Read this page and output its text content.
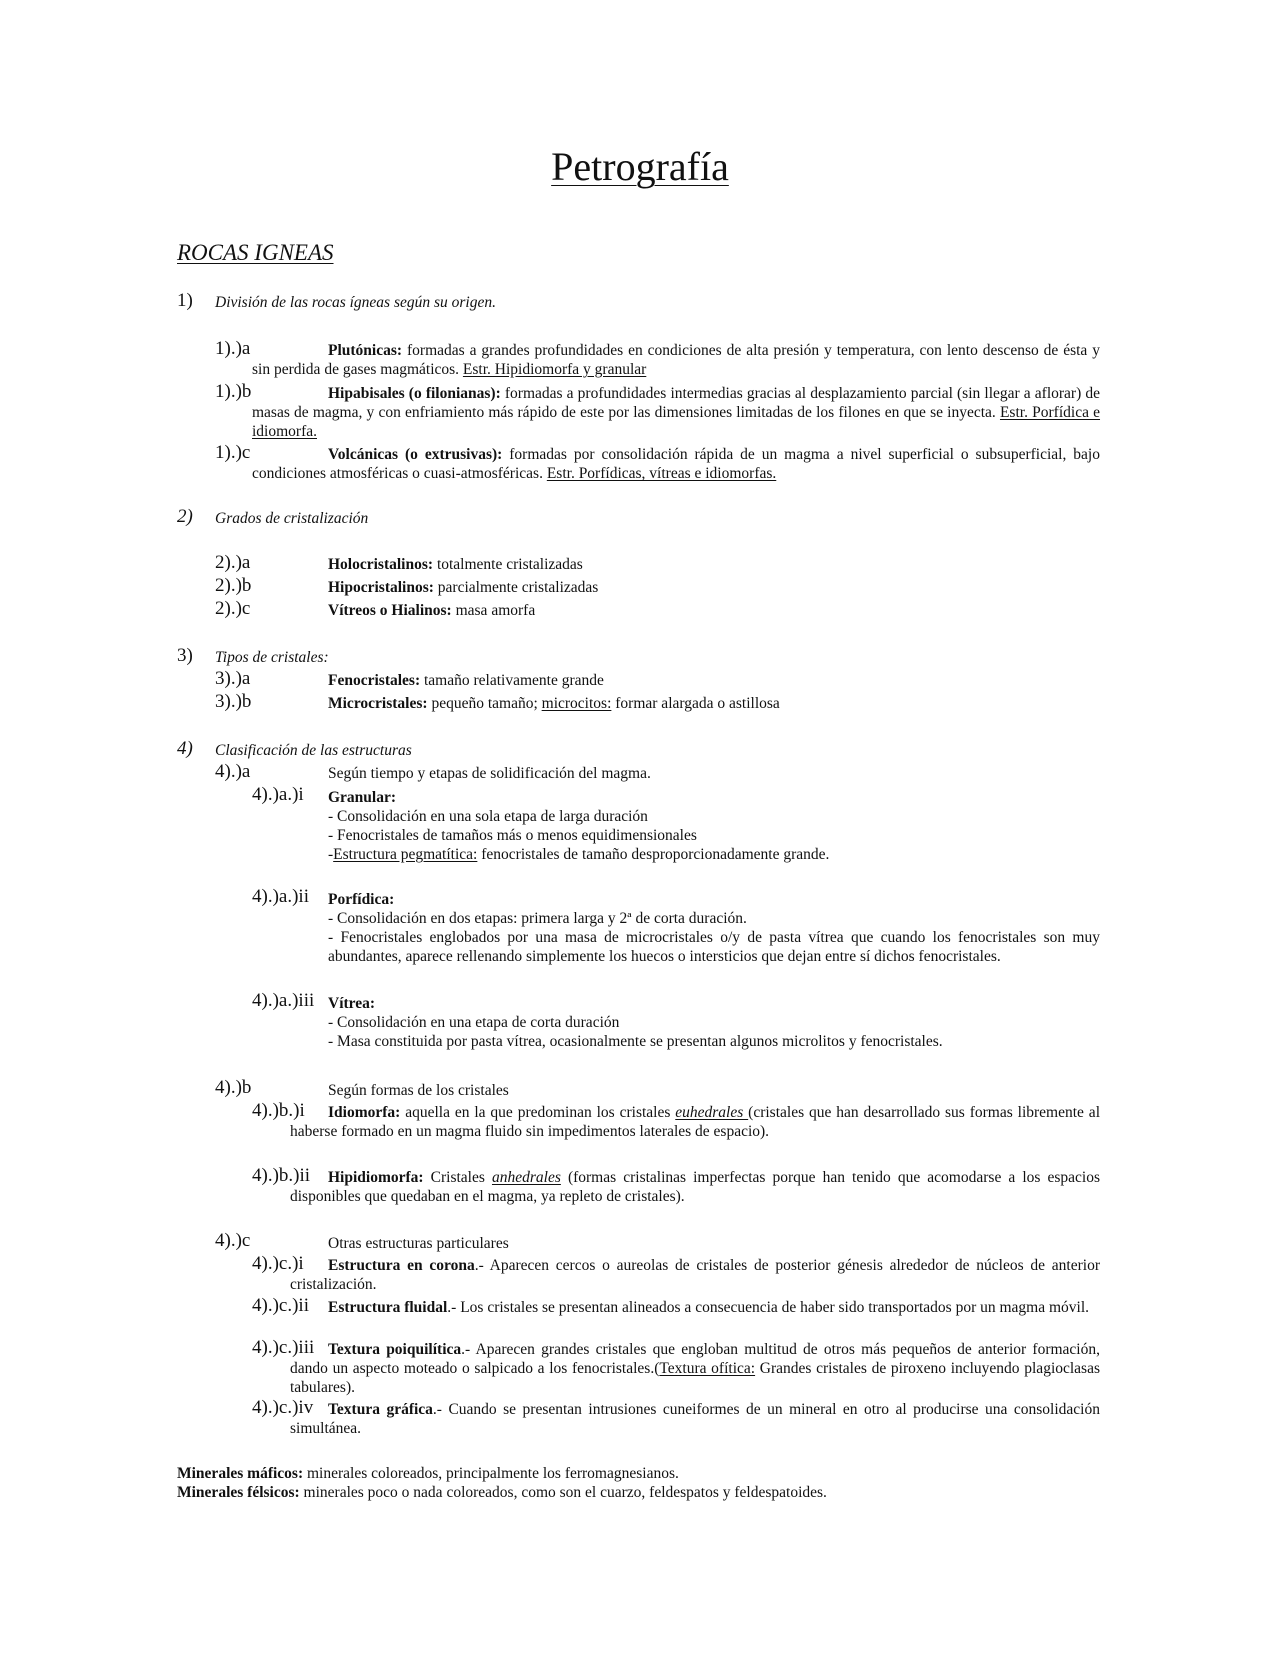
Petrografía
ROCAS IGNEAS
1) División de las rocas ígneas según su origen.
1).)a	Plutónicas: formadas a grandes profundidades en condiciones de alta presión y temperatura, con lento descenso de ésta y sin perdida de gases magmáticos. Estr. Hipidiomorfa y granular
1).)b	Hipabisales (o filonianas): formadas a profundidades intermedias gracias al desplazamiento parcial (sin llegar a aflorar) de masas de magma, y con enfriamiento más rápido de este por las dimensiones limitadas de los filones en que se inyecta. Estr. Porfídica e idiomorfa.
1).)c	Volcánicas (o extrusivas): formadas por consolidación rápida de un magma a nivel superficial o subsuperficial, bajo condiciones atmosféricas o cuasi-atmosféricas. Estr. Porfídicas, vítreas e idiomorfas.
2) Grados de cristalización
2).)a	Holocristalinos: totalmente cristalizadas
2).)b	Hipocristalinos: parcialmente cristalizadas
2).)c	Vítreos o Hialinos: masa amorfa
3) Tipos de cristales:
3).)a	Fenocristales: tamaño relativamente grande
3).)b	Microcristales: pequeño tamaño; microcitos: formar alargada o astillosa
4) Clasificación de las estructuras
4).)a	Según tiempo y etapas de solidificación del magma.
4).)a.)i Granular:
- Consolidación en una sola etapa de larga duración
- Fenocristales de tamaños más o menos equidimensionales
-Estructura pegmatítica: fenocristales de tamaño desproporcionadamente grande.
4).)a.)ii Porfídica:
- Consolidación en dos etapas: primera larga y 2ª de corta duración.
- Fenocristales englobados por una masa de microcristales o/y de pasta vítrea que cuando los fenocristales son muy abundantes, aparece rellenando simplemente los huecos o intersticios que dejan entre sí dichos fenocristales.
4).)a.)iii Vítrea:
- Consolidación en una etapa de corta duración
- Masa constituida por pasta vítrea, ocasionalmente se presentan algunos microlitos y fenocristales.
4).)b	Según formas de los cristales
4).)b.)i	Idiomorfa: aquella en la que predominan los cristales euhedrales (cristales que han desarrollado sus formas libremente al haberse formado en un magma fluido sin impedimentos laterales de espacio).
4).)b.)ii	Hipidiomorfa: Cristales anhedrales (formas cristalinas imperfectas porque han tenido que acomodarse a los espacios disponibles que quedaban en el magma, ya repleto de cristales).
4).)c	Otras estructuras particulares
4).)c.)i	Estructura en corona.- Aparecen cercos o aureolas de cristales de posterior génesis alrededor de núcleos de anterior cristalización.
4).)c.)ii	Estructura fluidal.- Los cristales se presentan alineados a consecuencia de haber sido transportados por un magma móvil.
4).)c.)iii Textura poiquilítica.- Aparecen grandes cristales que engloban multitud de otros más pequeños de anterior formación, dando un aspecto moteado o salpicado a los fenocristales.(Textura ofítica: Grandes cristales de piroxeno incluyendo plagioclasas tabulares).
4).)c.)iv Textura gráfica.- Cuando se presentan intrusiones cuneiformes de un mineral en otro al producirse una consolidación simultánea.
Minerales máficos: minerales coloreados, principalmente los ferromagnesianos.
Minerales félsicos: minerales poco o nada coloreados, como son el cuarzo, feldespatos y feldespatoides.
